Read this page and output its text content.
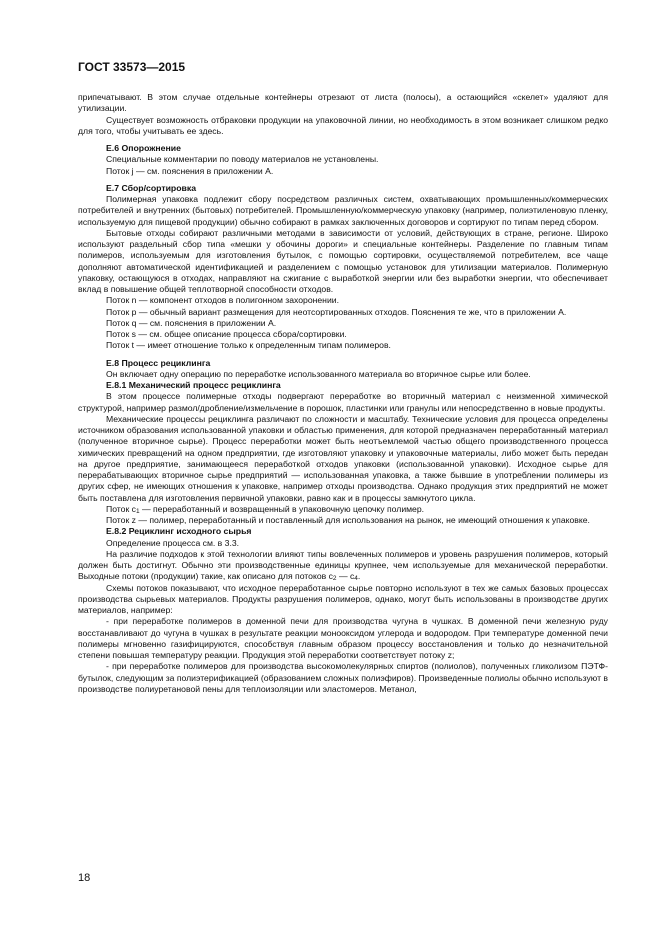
ГОСТ 33573—2015

припечатывают. В этом случае отдельные контейнеры отрезают от листа (полосы), а остающийся «скелет» удаляют для утилизации.

Существует возможность отбраковки продукции на упаковочной линии, но необходимость в этом возникает слишком редко для того, чтобы учитывать ее здесь.

Е.6 Опорожнение

Специальные комментарии по поводу материалов не установлены.

Поток j — см. пояснения в приложении А.

Е.7 Сбор/сортировка

Полимерная упаковка подлежит сбору посредством различных систем, охватывающих промышленных/коммерческих потребителей и внутренних (бытовых) потребителей. Промышленную/коммерческую упаковку (например, полиэтиленовую пленку, используемую для пищевой продукции) обычно собирают в рамках заключенных договоров и сортируют по типам перед сбором.

Бытовые отходы собирают различными методами в зависимости от условий, действующих в стране, регионе. Широко используют раздельный сбор типа «мешки у обочины дороги» и специальные контейнеры. Разделение по главным типам полимеров, используемым для изготовления бутылок, с помощью сортировки, осуществляемой потребителем, все чаще дополняют автоматической идентификацией и разделением с помощью установок для утилизации материалов. Полимерную упаковку, остающуюся в отходах, направляют на сжигание с выработкой энергии или без выработки энергии, что обеспечивает вклад в повышение общей теплотворной способности отходов.

Поток n — компонент отходов в полигонном захоронении.

Поток p — обычный вариант размещения для неотсортированных отходов. Пояснения те же, что в приложении А.

Поток q — см. пояснения в приложении А.

Поток s — см. общее описание процесса сбора/сортировки.

Поток t — имеет отношение только к определенным типам полимеров.

Е.8 Процесс рециклинга

Он включает одну операцию по переработке использованного материала во вторичное сырье или более.

Е.8.1 Механический процесс рециклинга

В этом процессе полимерные отходы подвергают переработке во вторичный материал с неизменной химической структурой, например размол/дробление/измельчение в порошок, пластинки или гранулы или непосредственно в новые продукты.

Механические процессы рециклинга различают по сложности и масштабу. Технические условия для процесса определены источником образования использованной упаковки и областью применения, для которой предназначен переработанный материал (полученное вторичное сырье). Процесс переработки может быть неотъемлемой частью общего производственного процесса химических превращений на одном предприятии, где изготовляют упаковку и упаковочные материалы, либо может быть передан на другое предприятие, занимающееся переработкой отходов упаковки (использованной упаковки). Исходное сырье для перерабатывающих вторичное сырье предприятий — использованная упаковка, а также бывшие в употреблении полимеры из других сфер, не имеющих отношения к упаковке, например отходы производства. Однако продукция этих предприятий не может быть поставлена для изготовления первичной упаковки, равно как и в процессы замкнутого цикла.

Поток $c_1$ — переработанный и возвращенный в упаковочную цепочку полимер.

Поток z — полимер, переработанный и поставленный для использования на рынок, не имеющий отношения к упаковке.

Е.8.2 Рециклинг исходного сырья

Определение процесса см. в 3.3.

На различие подходов к этой технологии влияют типы вовлеченных полимеров и уровень разрушения полимеров, который должен быть достигнут. Обычно эти производственные единицы крупнее, чем используемые для механической переработки. Выходные потоки (продукции) такие, как описано для потоков $c_2$ — $c_4$.

Схемы потоков показывают, что исходное переработанное сырье повторно используют в тех же самых базовых процессах производства сырьевых материалов. Продукты разрушения полимеров, однако, могут быть использованы в производстве других материалов, например:

- при переработке полимеров в доменной печи для производства чугуна в чушках. В доменной печи железную руду восстанавливают до чугуна в чушках в результате реакции монооксидом углерода и водородом. При температуре доменной печи полимеры мгновенно газифицируются, способствуя главным образом процессу восстановления и только до незначительной степени повышая температуру реакции. Продукция этой переработки соответствует потоку z;

- при переработке полимеров для производства высокомолекулярных спиртов (полиолов), полученных гликолизом ПЭТФ-бутылок, следующим за полиэтерификацией (образованием сложных полиэфиров). Произведенные полиолы обычно используют в производстве полиуретановой пены для теплоизоляции или эластомеров. Метанол,

18
